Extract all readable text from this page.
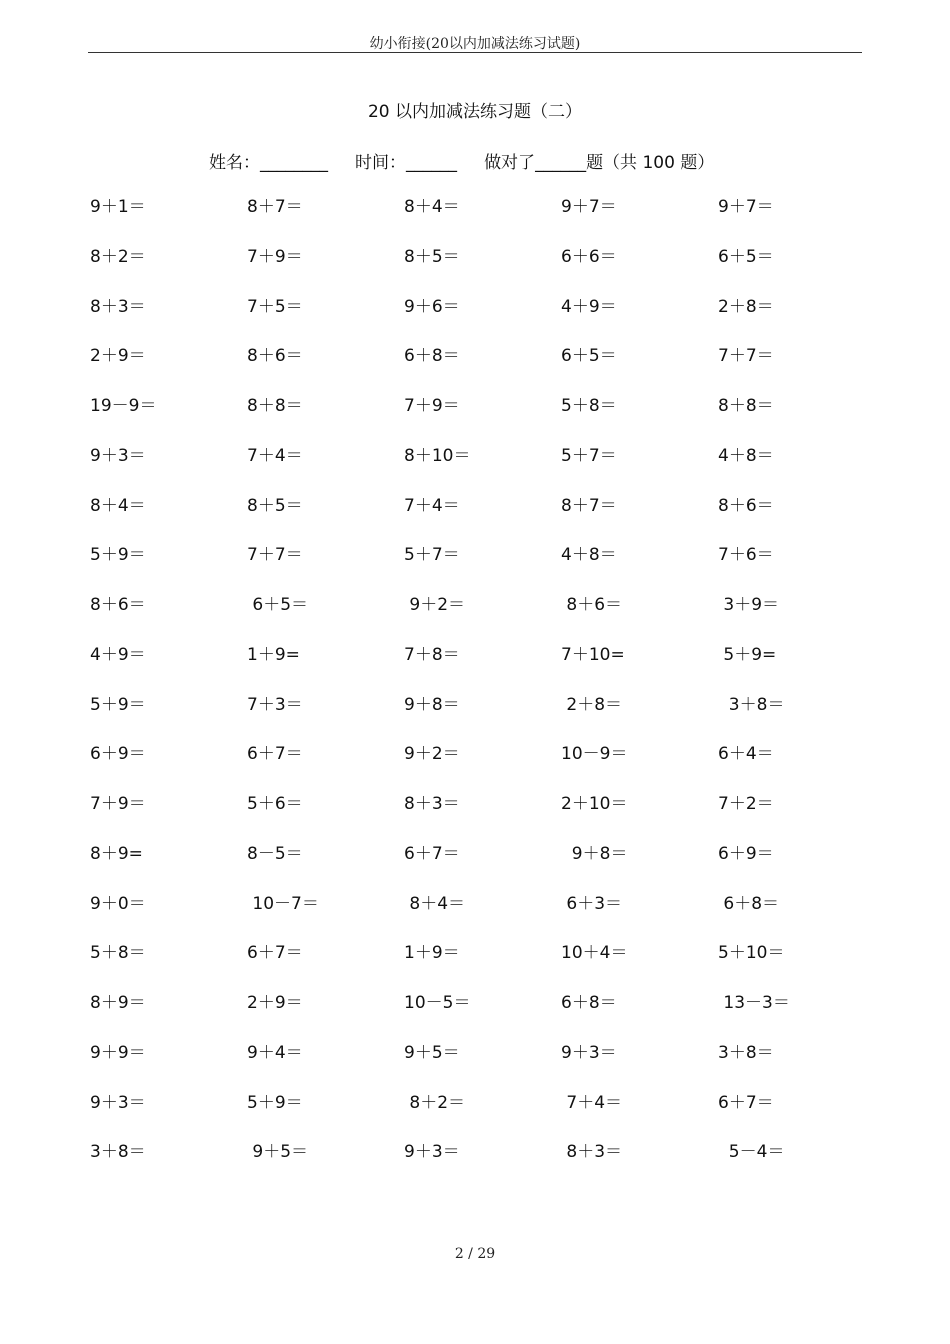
幼小衔接(20以内加减法练习试题)
20 以内加减法练习题（二）
姓名：________ 时间：______ 做对了______题（共 100 题）
9＋1＝	8＋7＝	8＋4＝	9＋7＝	9＋7＝
8＋2＝	7＋9＝	8＋5＝	6＋6＝	6＋5＝
8＋3＝	7＋5＝	9＋6＝	4＋9＝	2＋8＝
2＋9＝	8＋6＝	6＋8＝	6＋5＝	7＋7＝
19－9＝	8＋8＝	7＋9＝	5＋8＝	8＋8＝
9＋3＝	7＋4＝	8＋10＝	5＋7＝	4＋8＝
8＋4＝	8＋5＝	7＋4＝	8＋7＝	8＋6＝
5＋9＝	7＋7＝	5＋7＝	4＋8＝	7＋6＝
8＋6＝	6＋5＝	9＋2＝	8＋6＝	3＋9＝
4＋9＝	1＋9=	7＋8＝	7＋10=	5＋9=
5＋9＝	7＋3＝	9＋8＝	2＋8＝	3＋8＝
6＋9＝	6＋7＝	9＋2＝	10－9＝	6＋4＝
7＋9＝	5＋6＝	8＋3＝	2＋10＝	7＋2＝
8＋9=	8－5＝	6＋7＝	9＋8＝	6＋9＝
9＋0＝	10－7＝	8＋4＝	6＋3＝	6＋8＝
5＋8＝	6＋7＝	1＋9＝	10＋4＝	5＋10＝
8＋9＝	2＋9＝	10－5＝	6＋8＝	13－3＝
9＋9＝	9＋4＝	9＋5＝	9＋3＝	3＋8＝
9＋3＝	5＋9＝	8＋2＝	7＋4＝	6＋7＝
3＋8＝	9＋5＝	9＋3＝	8＋3＝	5－4＝
2 / 29
